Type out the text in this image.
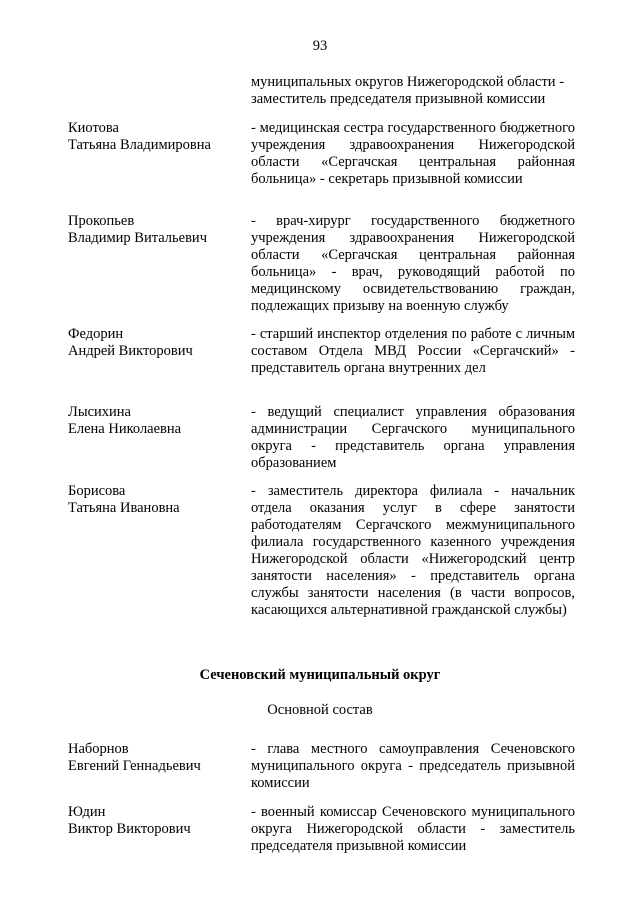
93
муниципальных округов Нижегородской области - заместитель председателя призывной комиссии
Киотова
Татьяна Владимировна
- медицинская сестра государственного бюджетного учреждения здравоохранения Нижегородской области «Сергачская центральная районная больница» - секретарь призывной комиссии
Прокопьев
Владимир Витальевич
- врач-хирург государственного бюджетного учреждения здравоохранения Нижегородской области «Сергачская центральная районная больница» - врач, руководящий работой по медицинскому освидетельствованию граждан, подлежащих призыву на военную службу
Федорин
Андрей Викторович
- старший инспектор отделения по работе с личным составом Отдела МВД России «Сергачский» - представитель органа внутренних дел
Лысихина
Елена Николаевна
- ведущий специалист управления образования администрации Сергачского муниципального округа - представитель органа управления образованием
Борисова
Татьяна Ивановна
- заместитель директора филиала - начальник отдела оказания услуг в сфере занятости работодателям Сергачского межмуниципального филиала государственного казенного учреждения Нижегородской области «Нижегородский центр занятости населения» - представитель органа службы занятости населения (в части вопросов, касающихся альтернативной гражданской службы)
Сеченовский муниципальный округ
Основной состав
Наборнов
Евгений Геннадьевич
- глава местного самоуправления Сеченовского муниципального округа - председатель призывной комиссии
Юдин
Виктор Викторович
- военный комиссар Сеченовского муниципального округа Нижегородской области - заместитель председателя призывной комиссии
